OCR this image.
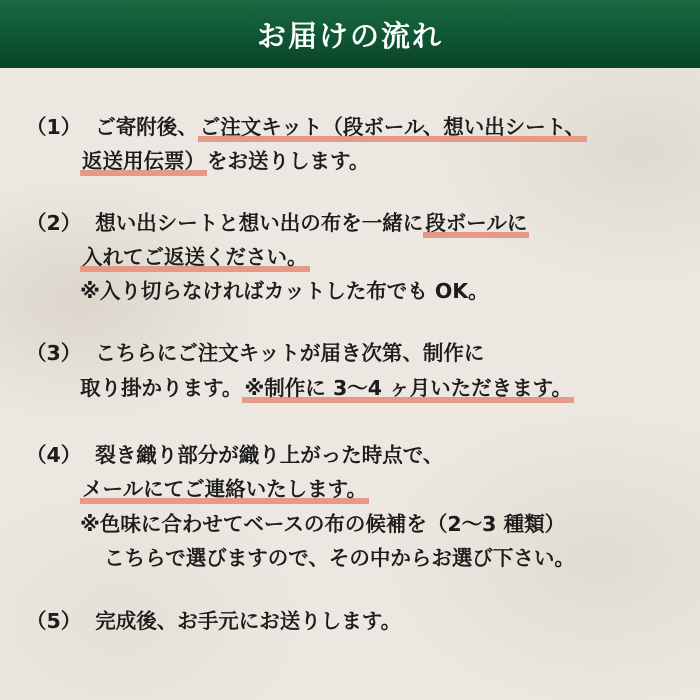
お届けの流れ
（1） ご寄附後、ご注文キット（段ボール、想い出シート、
返送用伝票）をお送りします。
（2） 想い出シートと想い出の布を一緒に段ボールに
入れてご返送ください。
※入り切らなければカットした布でも OK。
（3） こちらにご注文キットが届き次第、制作に
取り掛かります。※制作に 3〜4 ヶ月いただきます。
（4） 裂き織り部分が織り上がった時点で、
メールにてご連絡いたします。
※色味に合わせてベースの布の候補を（2〜3 種類）
こちらで選びますので、その中からお選び下さい。
（5） 完成後、お手元にお送りします。
